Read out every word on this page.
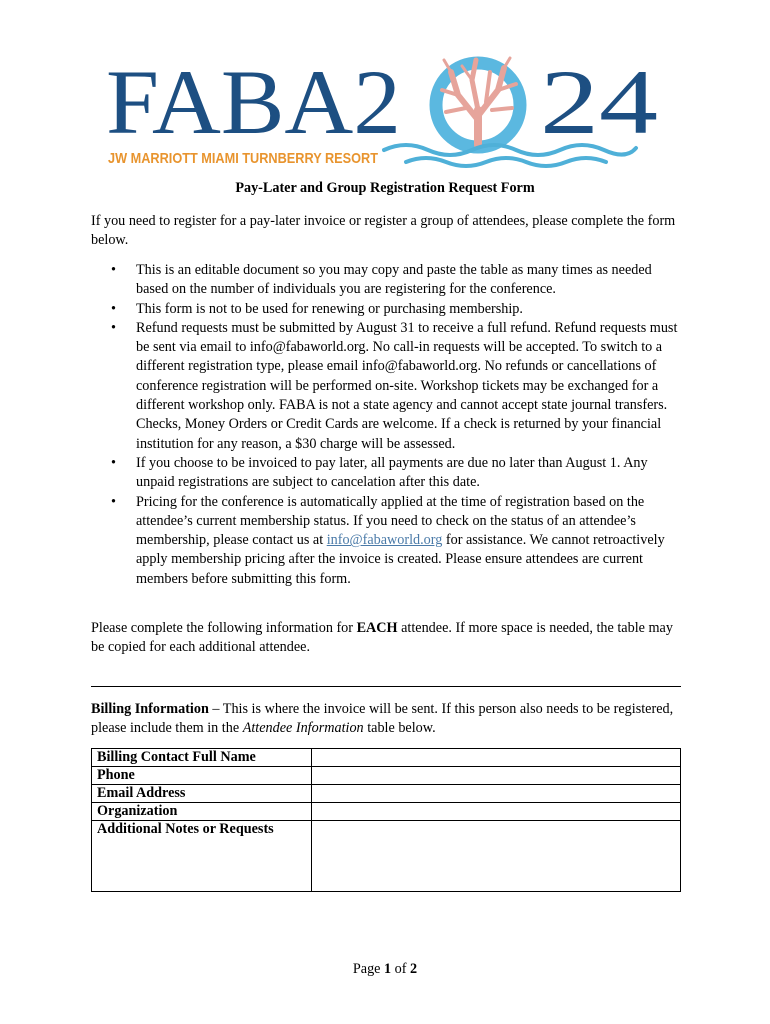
FABA2 24
JW MARRIOTT MIAMI TURNBERRY RESORT
Pay-Later and Group Registration Request Form
If you need to register for a pay-later invoice or register a group of attendees, please complete the form below.
• This is an editable document so you may copy and paste the table as many times as needed based on the number of individuals you are registering for the conference.
• This form is not to be used for renewing or purchasing membership.
• Refund requests must be submitted by August 31 to receive a full refund. Refund requests must be sent via email to info@fabaworld.org. No call-in requests will be accepted. To switch to a different registration type, please email info@fabaworld.org. No refunds or cancellations of conference registration will be performed on-site. Workshop tickets may be exchanged for a different workshop only. FABA is not a state agency and cannot accept state journal transfers. Checks, Money Orders or Credit Cards are welcome. If a check is returned by your financial institution for any reason, a $30 charge will be assessed.
• If you choose to be invoiced to pay later, all payments are due no later than August 1. Any unpaid registrations are subject to cancelation after this date.
• Pricing for the conference is automatically applied at the time of registration based on the attendee’s current membership status. If you need to check on the status of an attendee’s membership, please contact us at info@fabaworld.org for assistance. We cannot retroactively apply membership pricing after the invoice is created. Please ensure attendees are current members before submitting this form.
Please complete the following information for EACH attendee. If more space is needed, the table may be copied for each additional attendee.
Billing Information – This is where the invoice will be sent. If this person also needs to be registered, please include them in the Attendee Information table below.
Billing Contact Full Name	
Phone	
Email Address	
Organization	
Additional Notes or Requests	
Page 1 of 2
